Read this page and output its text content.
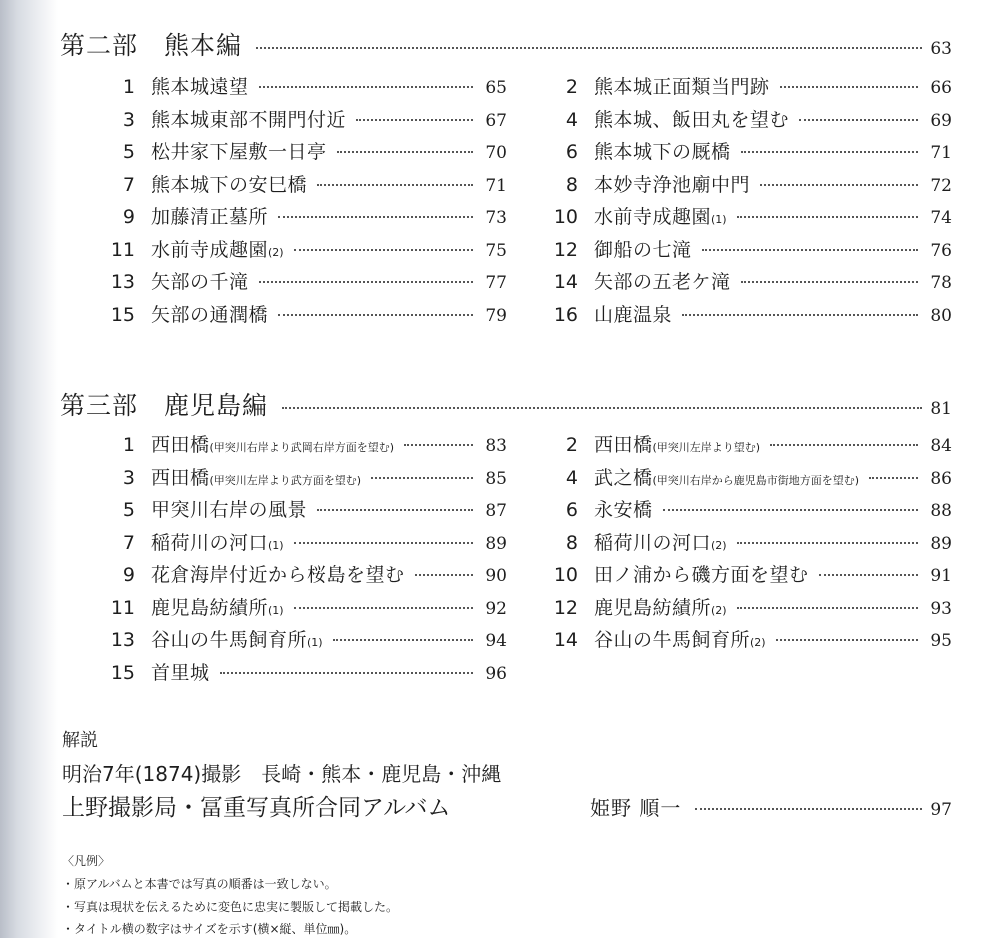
第二部 熊本編	63
1 熊本城遠望	65	2 熊本城正面類当門跡	66
3 熊本城東部不開門付近	67	4 熊本城、飯田丸を望む	69
5 松井家下屋敷一日亭	70	6 熊本城下の厩橋	71
7 熊本城下の安巳橋	71	8 本妙寺浄池廟中門	72
9 加藤清正墓所	73	10 水前寺成趣園 (1)	74
11 水前寺成趣園 (2)	75	12 御船の七滝	76
13 矢部の千滝	77	14 矢部の五老ケ滝	78
15 矢部の通潤橋	79	16 山鹿温泉	80
第三部 鹿児島編	81
1 西田橋 (甲突川右岸より武岡右岸方面を望む)	83	2 西田橋 (甲突川左岸より望む)	84
3 西田橋 (甲突川左岸より武方面を望む)	85	4 武之橋 (甲突川右岸から鹿児島市街地方面を望む)	86
5 甲突川右岸の風景	87	6 永安橋	88
7 稲荷川の河口 (1)	89	8 稲荷川の河口 (2)	89
9 花倉海岸付近から桜島を望む	90	10 田ノ浦から磯方面を望む	91
11 鹿児島紡績所 (1)	92	12 鹿児島紡績所 (2)	93
13 谷山の牛馬飼育所 (1)	94	14 谷山の牛馬飼育所 (2)	95
15 首里城	96
解説
明治7年(1874)撮影　長崎・熊本・鹿児島・沖縄
上野撮影局・冨重写真所合同アルバム	姫野 順一	97
〈凡例〉
・原アルバムと本書では写真の順番は一致しない。
・写真は現状を伝えるために変色に忠実に製版して掲載した。
・タイトル横の数字はサイズを示す(横×縦、単位㎜)。
